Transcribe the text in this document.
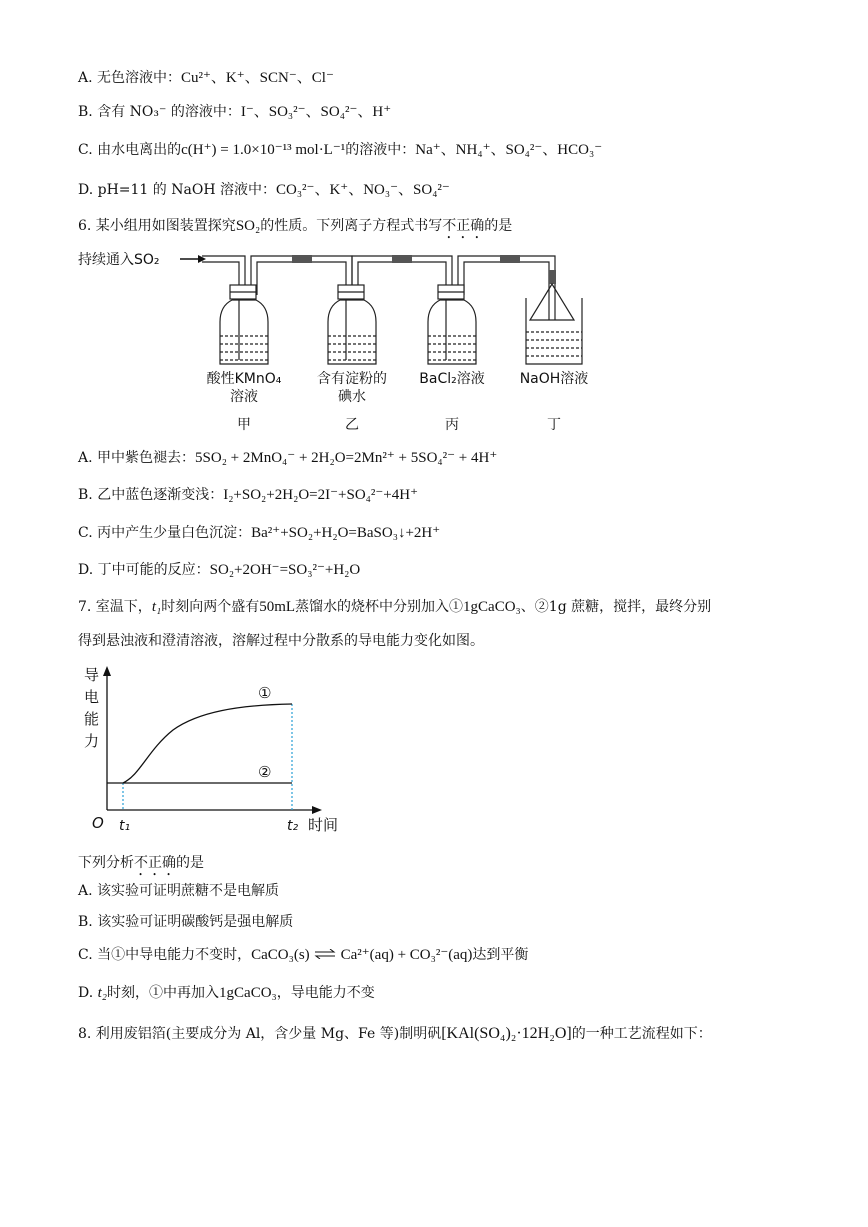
A. 无色溶液中：Cu²⁺、K⁺、SCN⁻、Cl⁻
B. 含有 NO₃⁻ 的溶液中：I⁻、SO₃²⁻、SO₄²⁻、H⁺
C. 由水电离出的c(H⁺) = 1.0×10⁻¹³ mol·L⁻¹的溶液中：Na⁺、NH₄⁺、SO₄²⁻、HCO₃⁻
D. pH=11 的 NaOH 溶液中：CO₃²⁻、K⁺、NO₃⁻、SO₄²⁻
6. 某小组用如图装置探究SO₂的性质。下列离子方程式书写不正确的是
持续通入SO₂
酸性KMnO₄
溶液
甲
含有淀粉的
碘水
乙
BaCl₂溶液
丙
NaOH溶液
丁
A. 甲中紫色褪去：5SO₂ + 2MnO₄⁻ + 2H₂O=2Mn²⁺ + 5SO₄²⁻ + 4H⁺
B. 乙中蓝色逐渐变浅：I₂+SO₂+2H₂O=2I⁻+SO₄²⁻+4H⁺
C. 丙中产生少量白色沉淀：Ba²⁺+SO₂+H₂O=BaSO₃↓+2H⁺
D. 丁中可能的反应：SO₂+2OH⁻=SO₃²⁻+H₂O
7. 室温下，t₁时刻向两个盛有50mL蒸馏水的烧杯中分别加入①1gCaCO₃、②1g 蔗糖，搅拌，最终分别
得到悬浊液和澄清溶液，溶解过程中分散系的导电能力变化如图。
导
电
能
力
①
②
O t₁	t₂ 时间
下列分析不正确的是
A. 该实验可证明蔗糖不是电解质
B. 该实验可证明碳酸钙是强电解质
C. 当①中导电能力不变时，CaCO₃(s) ⇌ Ca²⁺(aq) + CO₃²⁻(aq)达到平衡
D. t₂时刻，①中再加入1gCaCO₃，导电能力不变
8. 利用废铝箔(主要成分为 Al，含少量 Mg、Fe 等)制明矾[KAl(SO₄)₂·12H₂O]的一种工艺流程如下：
